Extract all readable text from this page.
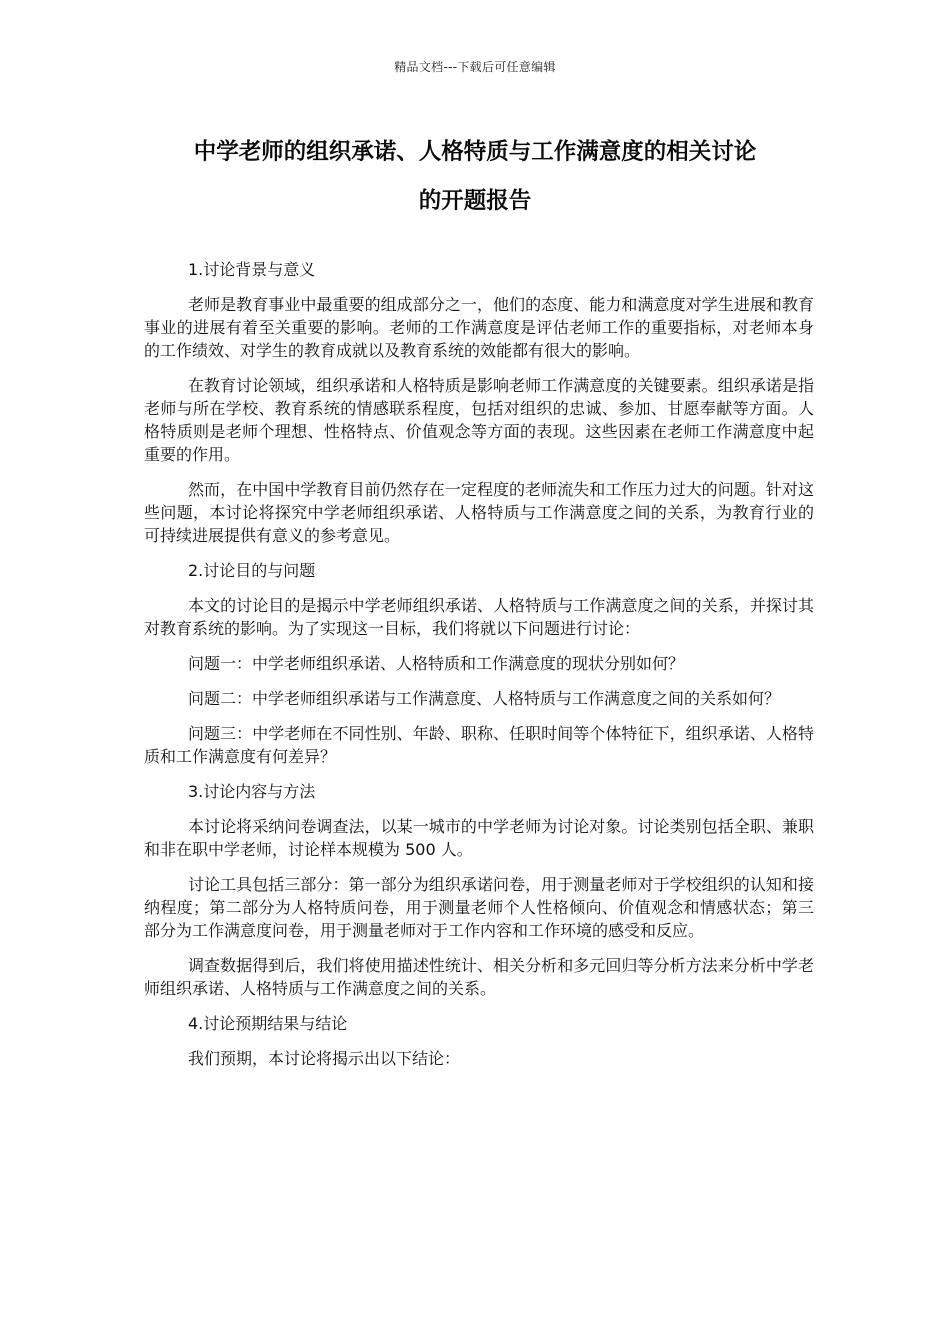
精品文档---下载后可任意编辑
中学老师的组织承诺、人格特质与工作满意度的相关讨论
的开题报告

1.讨论背景与意义

老师是教育事业中最重要的组成部分之一，他们的态度、能力和满意度对学生进展和教育事业的进展有着至关重要的影响。老师的工作满意度是评估老师工作的重要指标，对老师本身的工作绩效、对学生的教育成就以及教育系统的效能都有很大的影响。

在教育讨论领域，组织承诺和人格特质是影响老师工作满意度的关键要素。组织承诺是指老师与所在学校、教育系统的情感联系程度，包括对组织的忠诚、参加、甘愿奉献等方面。人格特质则是老师个理想、性格特点、价值观念等方面的表现。这些因素在老师工作满意度中起重要的作用。

然而，在中国中学教育目前仍然存在一定程度的老师流失和工作压力过大的问题。针对这些问题，本讨论将探究中学老师组织承诺、人格特质与工作满意度之间的关系，为教育行业的可持续进展提供有意义的参考意见。

2.讨论目的与问题

本文的讨论目的是揭示中学老师组织承诺、人格特质与工作满意度之间的关系，并探讨其对教育系统的影响。为了实现这一目标，我们将就以下问题进行讨论：

问题一：中学老师组织承诺、人格特质和工作满意度的现状分别如何？

问题二：中学老师组织承诺与工作满意度、人格特质与工作满意度之间的关系如何？

问题三：中学老师在不同性别、年龄、职称、任职时间等个体特征下，组织承诺、人格特质和工作满意度有何差异？

3.讨论内容与方法

本讨论将采纳问卷调查法，以某一城市的中学老师为讨论对象。讨论类别包括全职、兼职和非在职中学老师，讨论样本规模为 500 人。

讨论工具包括三部分：第一部分为组织承诺问卷，用于测量老师对于学校组织的认知和接纳程度；第二部分为人格特质问卷，用于测量老师个人性格倾向、价值观念和情感状态；第三部分为工作满意度问卷，用于测量老师对于工作内容和工作环境的感受和反应。

调查数据得到后，我们将使用描述性统计、相关分析和多元回归等分析方法来分析中学老师组织承诺、人格特质与工作满意度之间的关系。

4.讨论预期结果与结论

我们预期，本讨论将揭示出以下结论：
